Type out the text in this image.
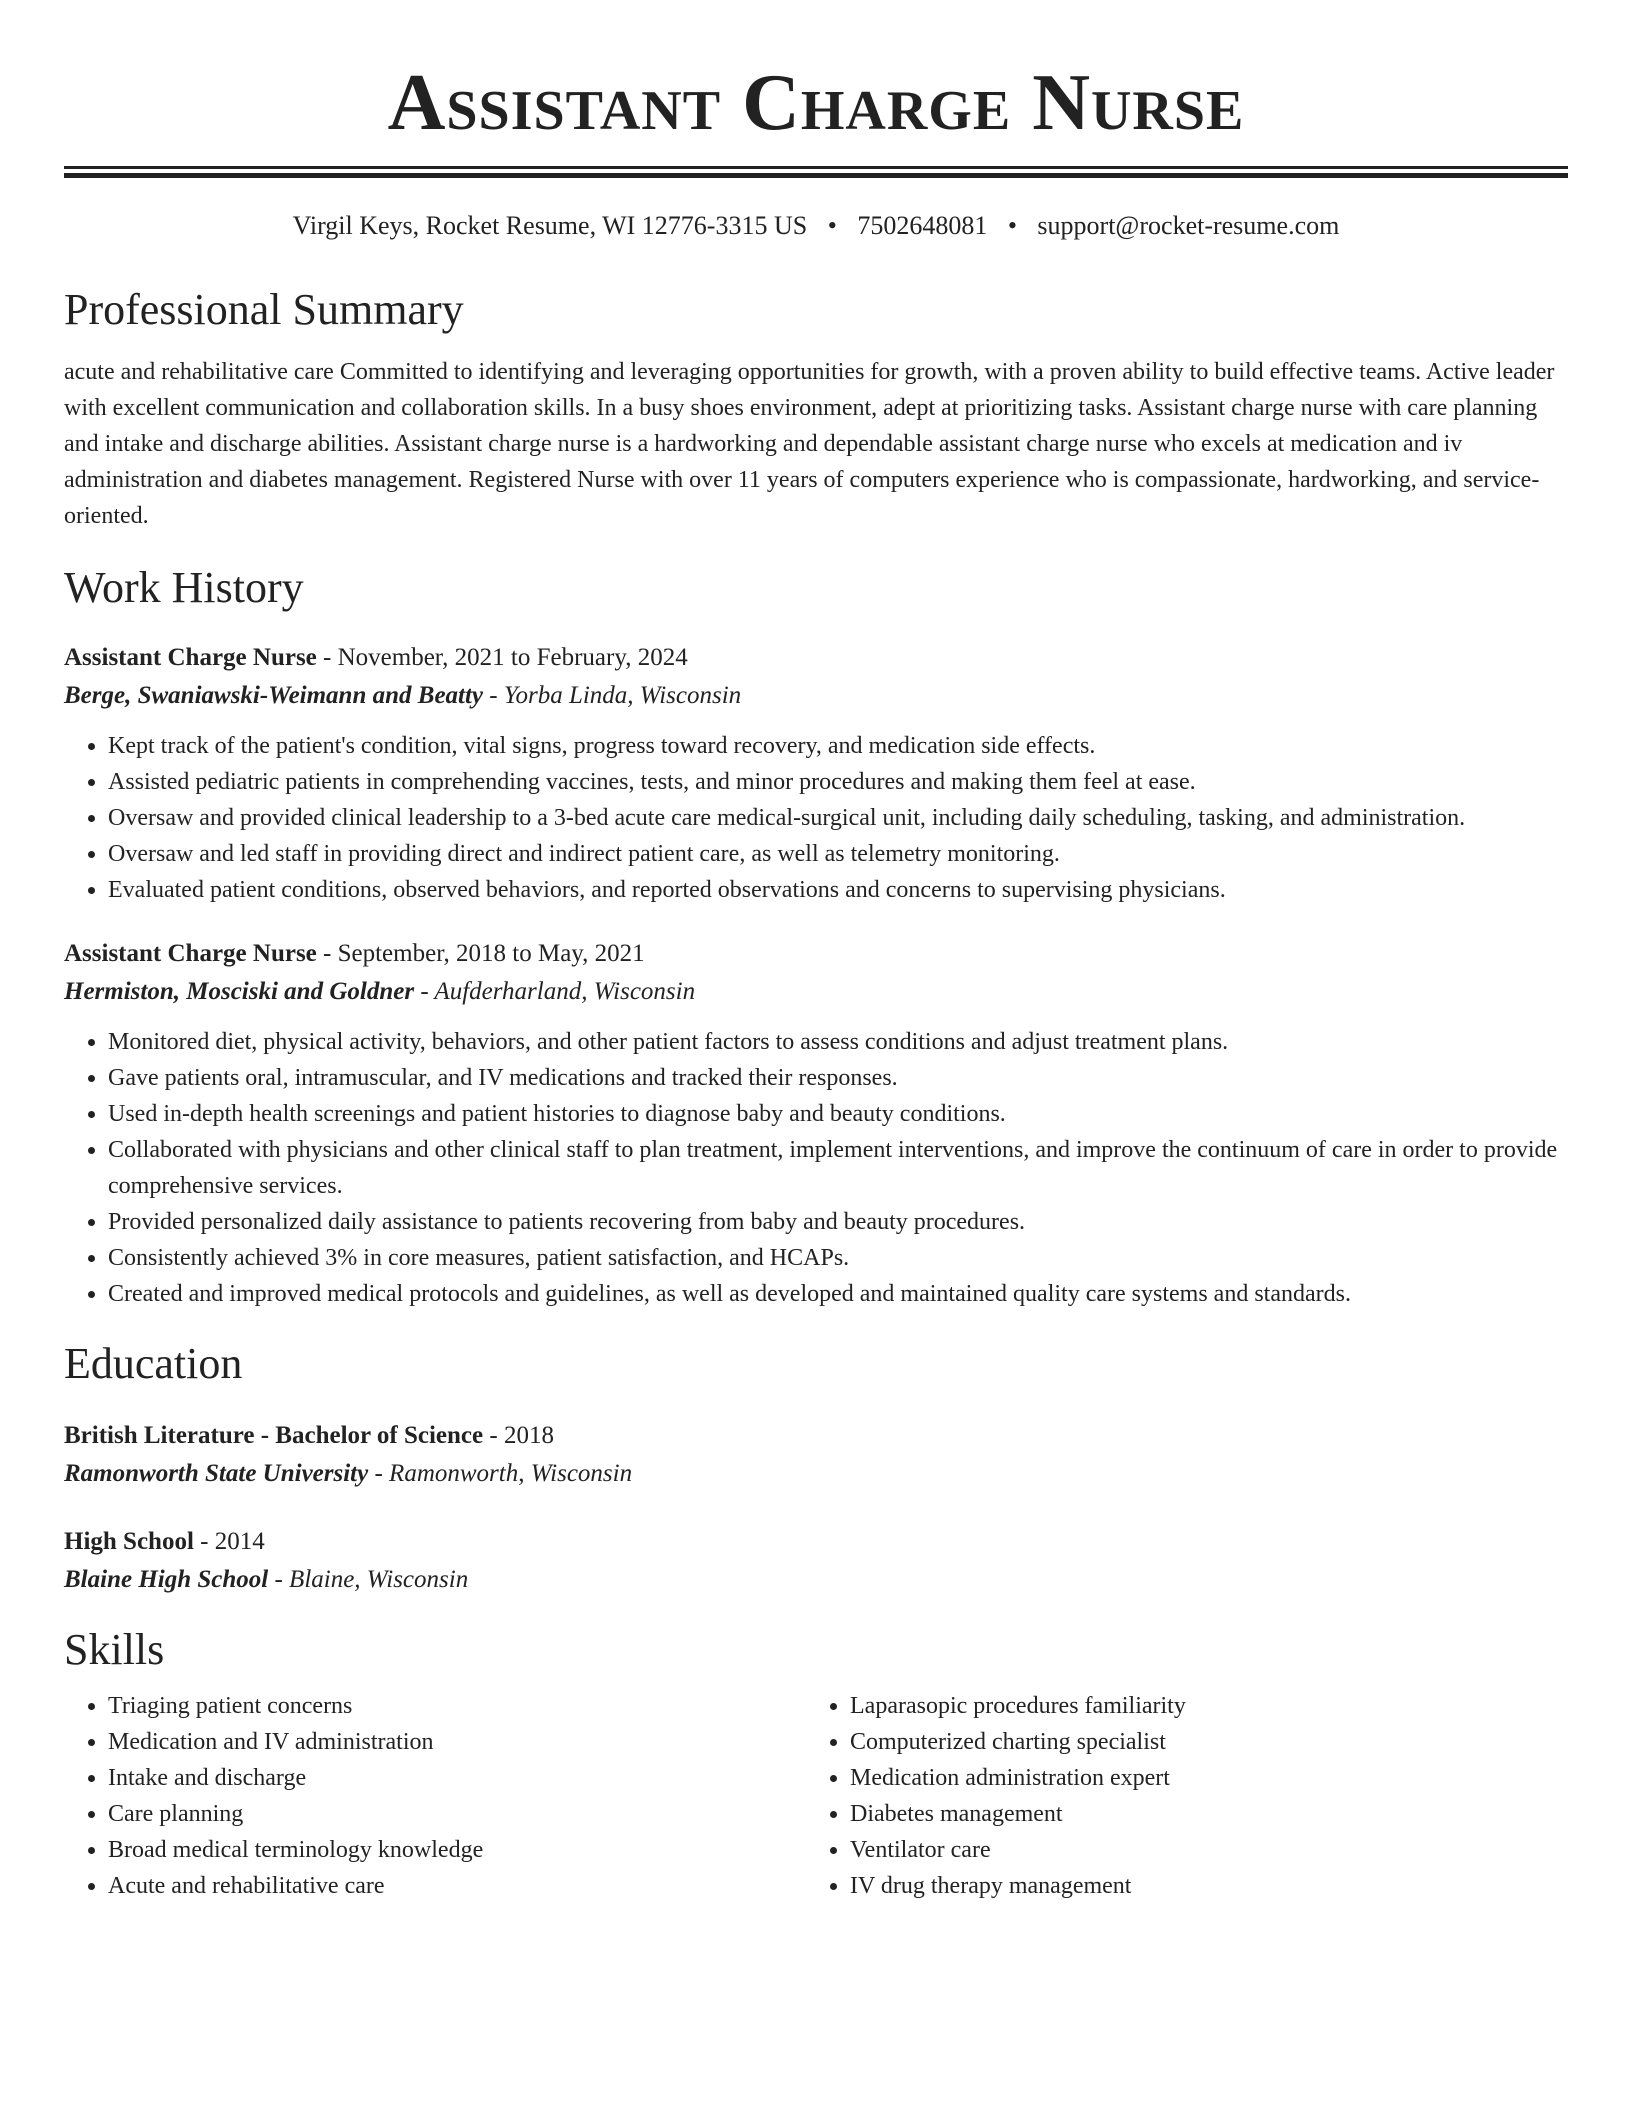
Assistant Charge Nurse
Virgil Keys, Rocket Resume, WI 12776-3315 US • 7502648081 • support@rocket-resume.com
Professional Summary

acute and rehabilitative care Committed to identifying and leveraging opportunities for growth, with a proven ability to build effective teams. Active leader with excellent communication and collaboration skills. In a busy shoes environment, adept at prioritizing tasks. Assistant charge nurse with care planning and intake and discharge abilities. Assistant charge nurse is a hardworking and dependable assistant charge nurse who excels at medication and iv administration and diabetes management. Registered Nurse with over 11 years of computers experience who is compassionate, hardworking, and service-oriented.

Work History
Assistant Charge Nurse - November, 2021 to February, 2024
Berge, Swaniawski-Weimann and Beatty - Yorba Linda, Wisconsin
• Kept track of the patient's condition, vital signs, progress toward recovery, and medication side effects.
• Assisted pediatric patients in comprehending vaccines, tests, and minor procedures and making them feel at ease.
• Oversaw and provided clinical leadership to a 3-bed acute care medical-surgical unit, including daily scheduling, tasking, and administration.
• Oversaw and led staff in providing direct and indirect patient care, as well as telemetry monitoring.
• Evaluated patient conditions, observed behaviors, and reported observations and concerns to supervising physicians.
Assistant Charge Nurse - September, 2018 to May, 2021
Hermiston, Mosciski and Goldner - Aufderharland, Wisconsin
• Monitored diet, physical activity, behaviors, and other patient factors to assess conditions and adjust treatment plans.
• Gave patients oral, intramuscular, and IV medications and tracked their responses.
• Used in-depth health screenings and patient histories to diagnose baby and beauty conditions.
• Collaborated with physicians and other clinical staff to plan treatment, implement interventions, and improve the continuum of care in order to provide comprehensive services.
• Provided personalized daily assistance to patients recovering from baby and beauty procedures.
• Consistently achieved 3% in core measures, patient satisfaction, and HCAPs.
• Created and improved medical protocols and guidelines, as well as developed and maintained quality care systems and standards.
Education
British Literature - Bachelor of Science - 2018
Ramonworth State University - Ramonworth, Wisconsin
High School - 2014
Blaine High School - Blaine, Wisconsin
Skills
• Triaging patient concerns
• Medication and IV administration
• Intake and discharge
• Care planning
• Broad medical terminology knowledge
• Acute and rehabilitative care
• Laparasopic procedures familiarity
• Computerized charting specialist
• Medication administration expert
• Diabetes management
• Ventilator care
• IV drug therapy management
